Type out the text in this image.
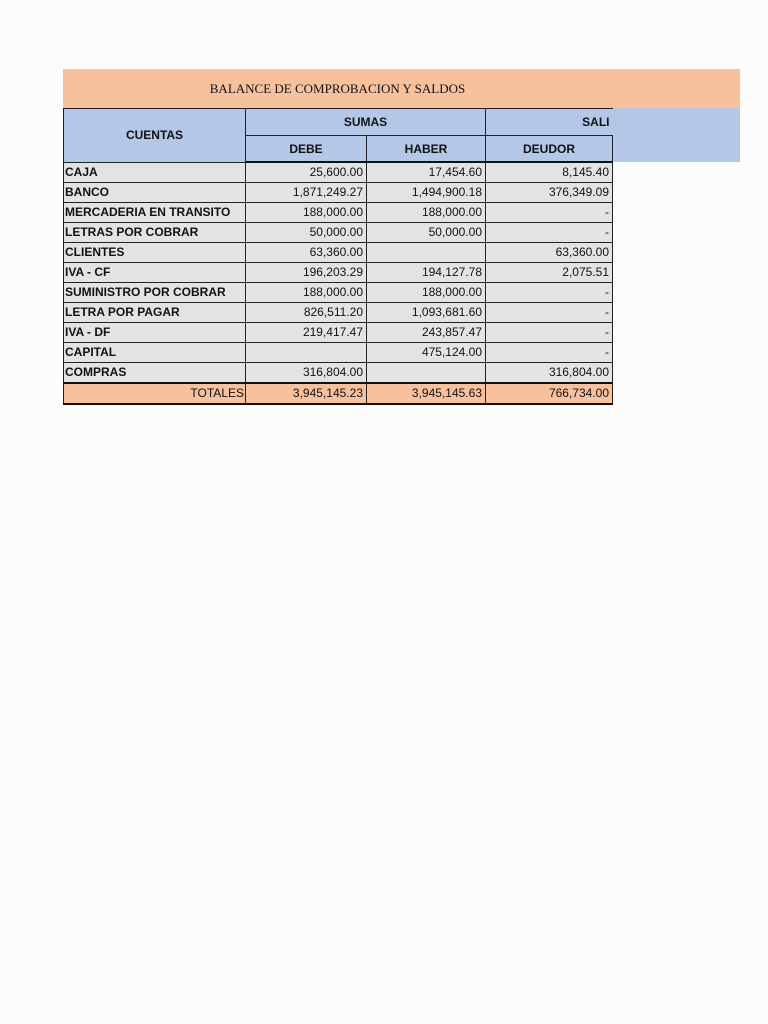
BALANCE DE COMPROBACION Y SALDOS
CUENTAS	SUMAS		SALI
	DEBE	HABER	DEUDOR
CAJA	25,600.00	17,454.60	8,145.40
BANCO	1,871,249.27	1,494,900.18	376,349.09
MERCADERIA EN TRANSITO	188,000.00	188,000.00	-
LETRAS POR COBRAR	50,000.00	50,000.00	-
CLIENTES	63,360.00		63,360.00
IVA - CF	196,203.29	194,127.78	2,075.51
SUMINISTRO POR COBRAR	188,000.00	188,000.00	-
LETRA POR PAGAR	826,511.20	1,093,681.60	-
IVA - DF	219,417.47	243,857.47	-
CAPITAL		475,124.00	-
COMPRAS	316,804.00		316,804.00
TOTALES	3,945,145.23	3,945,145.63	766,734.00
